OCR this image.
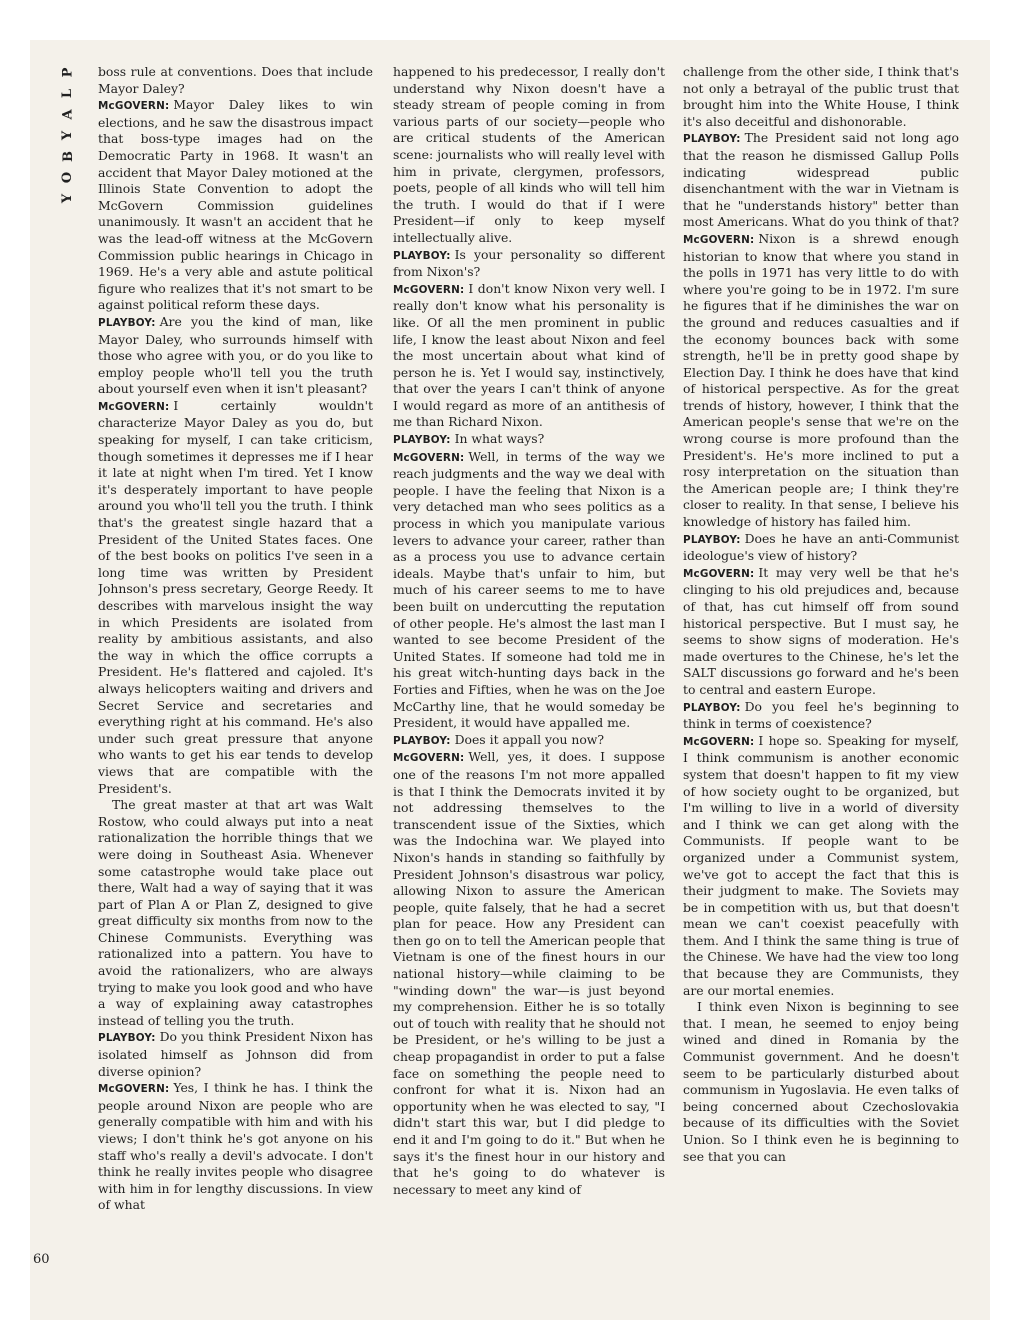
P
L
A
Y
B
O
Y
60

boss rule at conventions. Does that include Mayor Daley?

McGOVERN: Mayor Daley likes to win elections, and he saw the disastrous impact that boss-type images had on the Democratic Party in 1968. It wasn't an accident that Mayor Daley motioned at the Illinois State Convention to adopt the McGovern Commission guidelines unanimously. It wasn't an accident that he was the lead-off witness at the McGovern Commission public hearings in Chicago in 1969. He's a very able and astute political figure who realizes that it's not smart to be against political reform these days.

PLAYBOY: Are you the kind of man, like Mayor Daley, who surrounds himself with those who agree with you, or do you like to employ people who'll tell you the truth about yourself even when it isn't pleasant?

McGOVERN: I certainly wouldn't characterize Mayor Daley as you do, but speaking for myself, I can take criticism, though sometimes it depresses me if I hear it late at night when I'm tired. Yet I know it's desperately important to have people around you who'll tell you the truth. I think that's the greatest single hazard that a President of the United States faces. One of the best books on politics I've seen in a long time was written by President Johnson's press secretary, George Reedy. It describes with marvelous insight the way in which Presidents are isolated from reality by ambitious assistants, and also the way in which the office corrupts a President. He's flattered and cajoled. It's always helicopters waiting and drivers and Secret Service and secretaries and everything right at his command. He's also under such great pressure that anyone who wants to get his ear tends to develop views that are compatible with the President's.

The great master at that art was Walt Rostow, who could always put into a neat rationalization the horrible things that we were doing in Southeast Asia. Whenever some catastrophe would take place out there, Walt had a way of saying that it was part of Plan A or Plan Z, designed to give great difficulty six months from now to the Chinese Communists. Everything was rationalized into a pattern. You have to avoid the rationalizers, who are always trying to make you look good and who have a way of explaining away catastrophes instead of telling you the truth.

PLAYBOY: Do you think President Nixon has isolated himself as Johnson did from diverse opinion?

McGOVERN: Yes, I think he has. I think the people around Nixon are people who are generally compatible with him and with his views; I don't think he's got anyone on his staff who's really a devil's advocate. I don't think he really invites people who disagree with him in for lengthy discussions. In view of what

happened to his predecessor, I really don't understand why Nixon doesn't have a steady stream of people coming in from various parts of our society—people who are critical students of the American scene: journalists who will really level with him in private, clergymen, professors, poets, people of all kinds who will tell him the truth. I would do that if I were President—if only to keep myself intellectually alive.

PLAYBOY: Is your personality so different from Nixon's?

McGOVERN: I don't know Nixon very well. I really don't know what his personality is like. Of all the men prominent in public life, I know the least about Nixon and feel the most uncertain about what kind of person he is. Yet I would say, instinctively, that over the years I can't think of anyone I would regard as more of an antithesis of me than Richard Nixon.

PLAYBOY: In what ways?

McGOVERN: Well, in terms of the way we reach judgments and the way we deal with people. I have the feeling that Nixon is a very detached man who sees politics as a process in which you manipulate various levers to advance your career, rather than as a process you use to advance certain ideals. Maybe that's unfair to him, but much of his career seems to me to have been built on undercutting the reputation of other people. He's almost the last man I wanted to see become President of the United States. If someone had told me in his great witch-hunting days back in the Forties and Fifties, when he was on the Joe McCarthy line, that he would someday be President, it would have appalled me.

PLAYBOY: Does it appall you now?

McGOVERN: Well, yes, it does. I suppose one of the reasons I'm not more appalled is that I think the Democrats invited it by not addressing themselves to the transcendent issue of the Sixties, which was the Indochina war. We played into Nixon's hands in standing so faithfully by President Johnson's disastrous war policy, allowing Nixon to assure the American people, quite falsely, that he had a secret plan for peace. How any President can then go on to tell the American people that Vietnam is one of the finest hours in our national history—while claiming to be "winding down" the war—is just beyond my comprehension. Either he is so totally out of touch with reality that he should not be President, or he's willing to be just a cheap propagandist in order to put a false face on something the people need to confront for what it is. Nixon had an opportunity when he was elected to say, "I didn't start this war, but I did pledge to end it and I'm going to do it." But when he says it's the finest hour in our history and that he's going to do whatever is necessary to meet any kind of

challenge from the other side, I think that's not only a betrayal of the public trust that brought him into the White House, I think it's also deceitful and dishonorable.

PLAYBOY: The President said not long ago that the reason he dismissed Gallup Polls indicating widespread public disenchantment with the war in Vietnam is that he "understands history" better than most Americans. What do you think of that?

McGOVERN: Nixon is a shrewd enough historian to know that where you stand in the polls in 1971 has very little to do with where you're going to be in 1972. I'm sure he figures that if he diminishes the war on the ground and reduces casualties and if the economy bounces back with some strength, he'll be in pretty good shape by Election Day. I think he does have that kind of historical perspective. As for the great trends of history, however, I think that the American people's sense that we're on the wrong course is more profound than the President's. He's more inclined to put a rosy interpretation on the situation than the American people are; I think they're closer to reality. In that sense, I believe his knowledge of history has failed him.

PLAYBOY: Does he have an anti-Communist ideologue's view of history?

McGOVERN: It may very well be that he's clinging to his old prejudices and, because of that, has cut himself off from sound historical perspective. But I must say, he seems to show signs of moderation. He's made overtures to the Chinese, he's let the SALT discussions go forward and he's been to central and eastern Europe.

PLAYBOY: Do you feel he's beginning to think in terms of coexistence?

McGOVERN: I hope so. Speaking for myself, I think communism is another economic system that doesn't happen to fit my view of how society ought to be organized, but I'm willing to live in a world of diversity and I think we can get along with the Communists. If people want to be organized under a Communist system, we've got to accept the fact that this is their judgment to make. The Soviets may be in competition with us, but that doesn't mean we can't coexist peacefully with them. And I think the same thing is true of the Chinese. We have had the view too long that because they are Communists, they are our mortal enemies.

I think even Nixon is beginning to see that. I mean, he seemed to enjoy being wined and dined in Romania by the Communist government. And he doesn't seem to be particularly disturbed about communism in Yugoslavia. He even talks of being concerned about Czechoslovakia because of its difficulties with the Soviet Union. So I think even he is beginning to see that you can
